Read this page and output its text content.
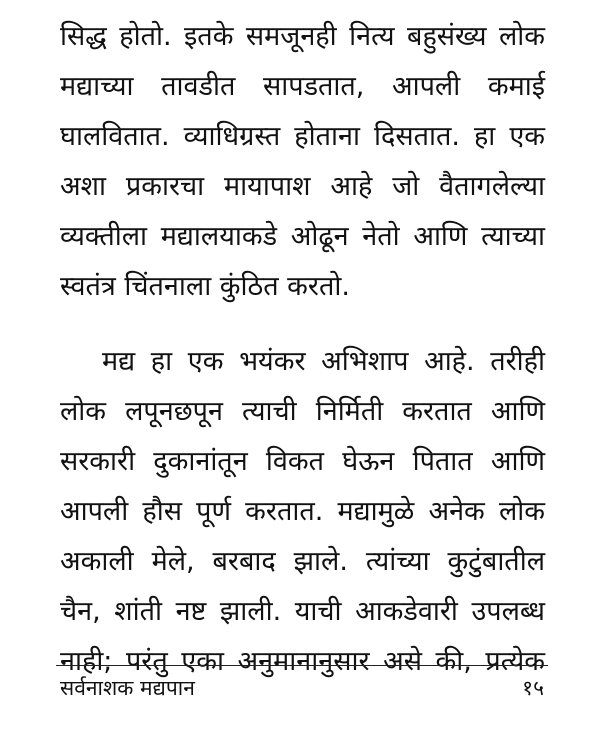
सिद्ध होतो. इतके समजूनही नित्य बहुसंख्य लोक
मद्याच्या तावडीत सापडतात, आपली कमाई
घालवितात. व्याधिग्रस्त होताना दिसतात. हा एक
अशा प्रकारचा मायापाश आहे जो वैतागलेल्या
व्यक्तीला मद्यालयाकडे ओढून नेतो आणि त्याच्या
स्वतंत्र चिंतनाला कुंठित करतो.
मद्य हा एक भयंकर अभिशाप आहे. तरीही
लोक लपूनछपून त्याची निर्मिती करतात आणि
सरकारी दुकानांतून विकत घेऊन पितात आणि
आपली हौस पूर्ण करतात. मद्यामुळे अनेक लोक
अकाली मेले, बरबाद झाले. त्यांच्या कुटुंबातील
चैन, शांती नष्ट झाली. याची आकडेवारी उपलब्ध
नाही; परंतु एका अनुमानानुसार असे की, प्रत्येक
सर्वनाशक मद्यपान	१५
